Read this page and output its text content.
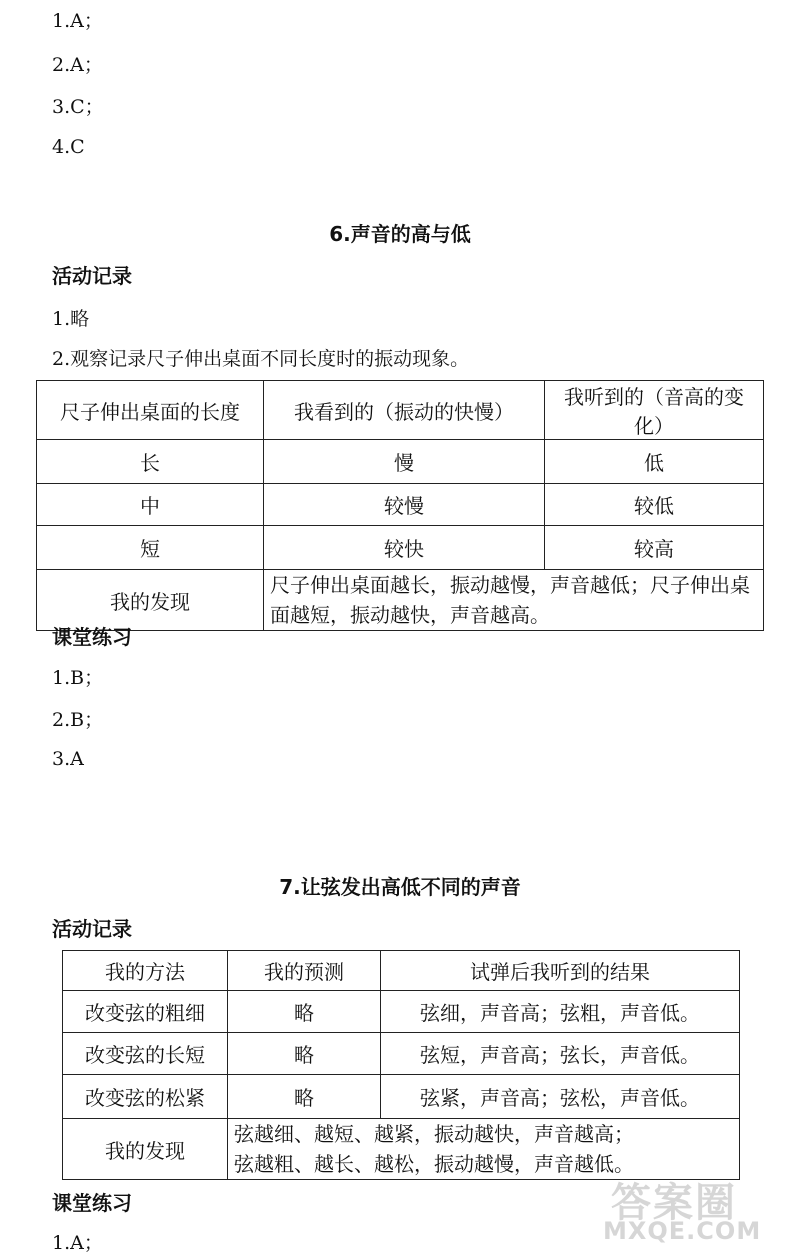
1.A；
2.A；
3.C；
4.C
6.声音的高与低
活动记录
1.略
2.观察记录尺子伸出桌面不同长度时的振动现象。
尺子伸出桌面的长度	我看到的（振动的快慢）	我听到的（音高的变化）
长	慢	低
中	较慢	较低
短	较快	较高
我的发现	尺子伸出桌面越长，振动越慢，声音越低；尺子伸出桌面越短，振动越快，声音越高。	
课堂练习
1.B；
2.B；
3.A
7.让弦发出高低不同的声音
活动记录
我的方法	我的预测	试弹后我听到的结果
改变弦的粗细	略	弦细，声音高；弦粗，声音低。
改变弦的长短	略	弦短，声音高；弦长，声音低。
改变弦的松紧	略	弦紧，声音高；弦松，声音低。
我的发现	弦越细、越短、越紧，振动越快，声音越高；
弦越粗、越长、越松，振动越慢，声音越低。	
课堂练习
1.A；
答案圈
MXQE.COM
